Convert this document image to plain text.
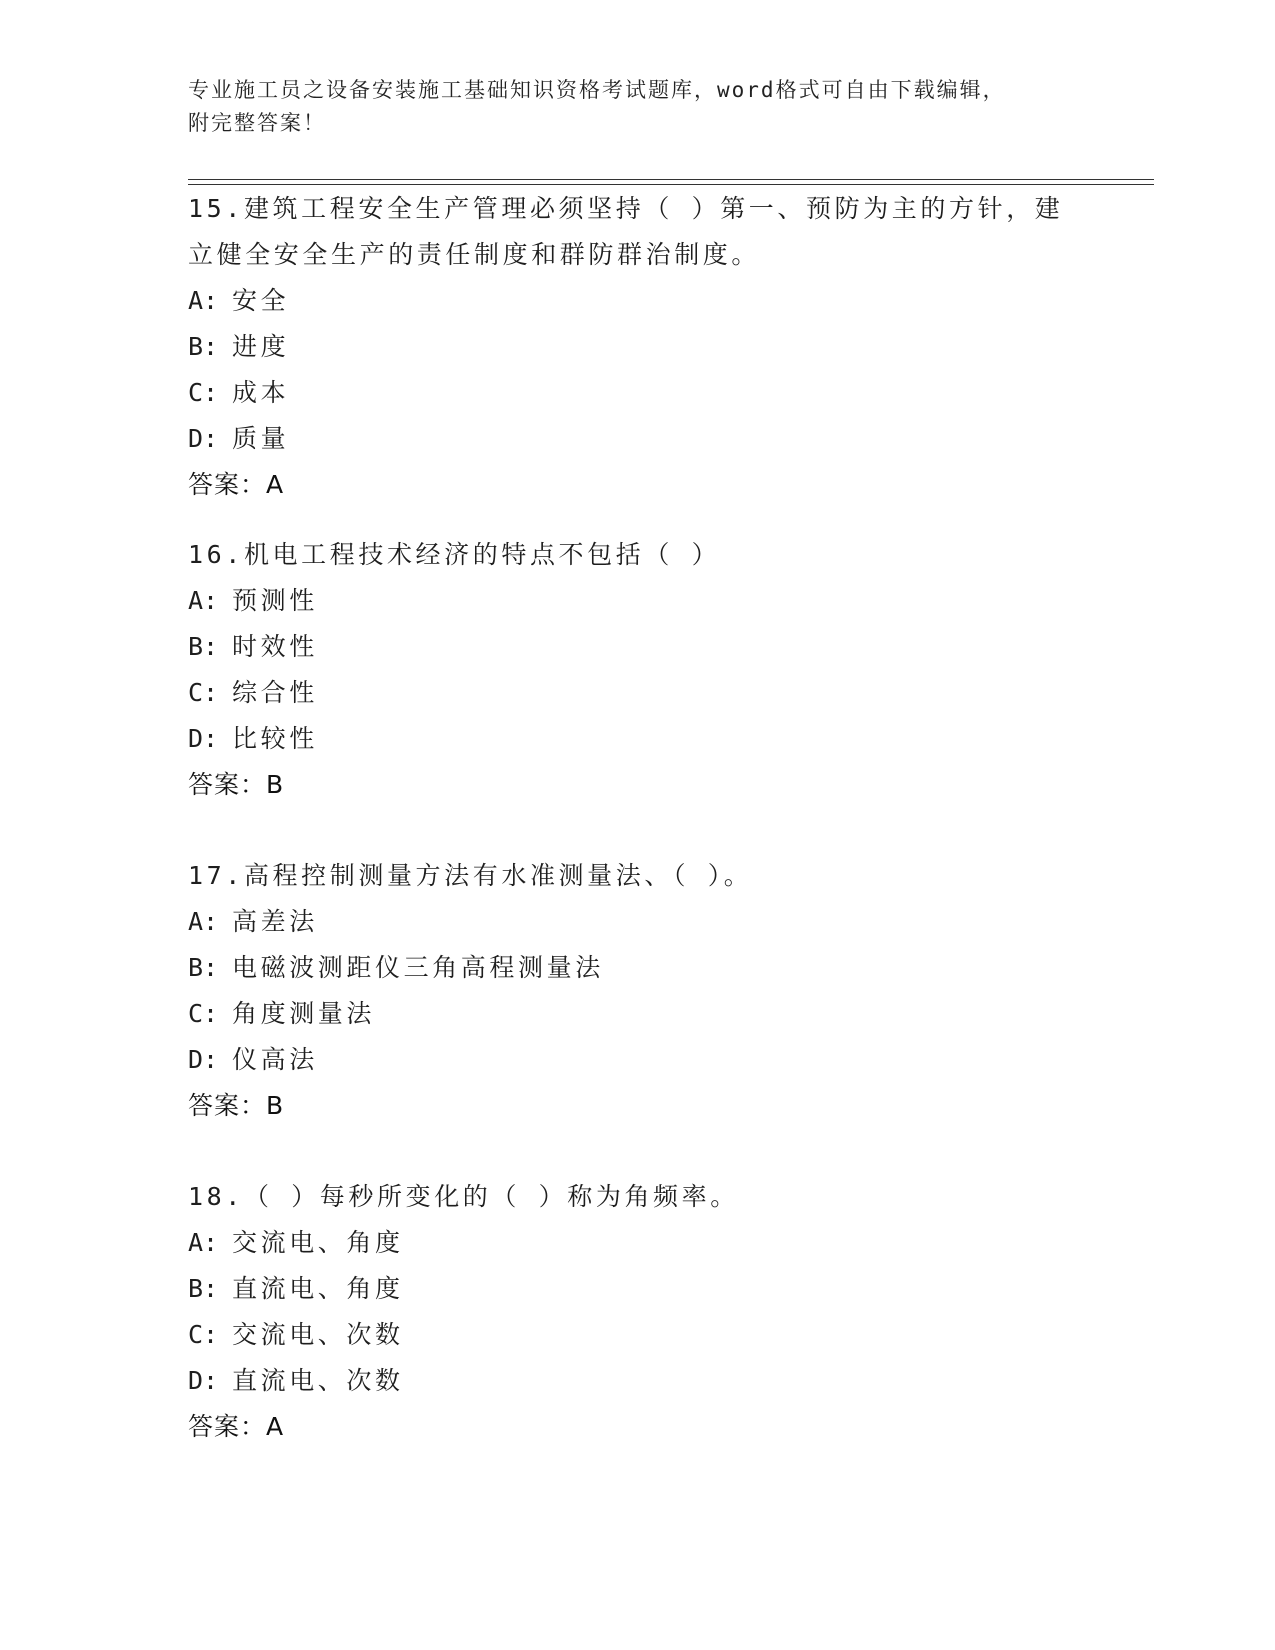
专业施工员之设备安装施工基础知识资格考试题库，word格式可自由下载编辑，
附完整答案！
15.建筑工程安全生产管理必须坚持（ ）第一、预防为主的方针，建
立健全安全生产的责任制度和群防群治制度。
A: 安全
B: 进度
C: 成本
D: 质量
答案：A
16.机电工程技术经济的特点不包括（ ）
A: 预测性
B: 时效性
C: 综合性
D: 比较性
答案：B
17.高程控制测量方法有水准测量法、（ ）。
A: 高差法
B: 电磁波测距仪三角高程测量法
C: 角度测量法
D: 仪高法
答案：B
18.（ ）每秒所变化的（ ）称为角频率。
A: 交流电、角度
B: 直流电、角度
C: 交流电、次数
D: 直流电、次数
答案：A
